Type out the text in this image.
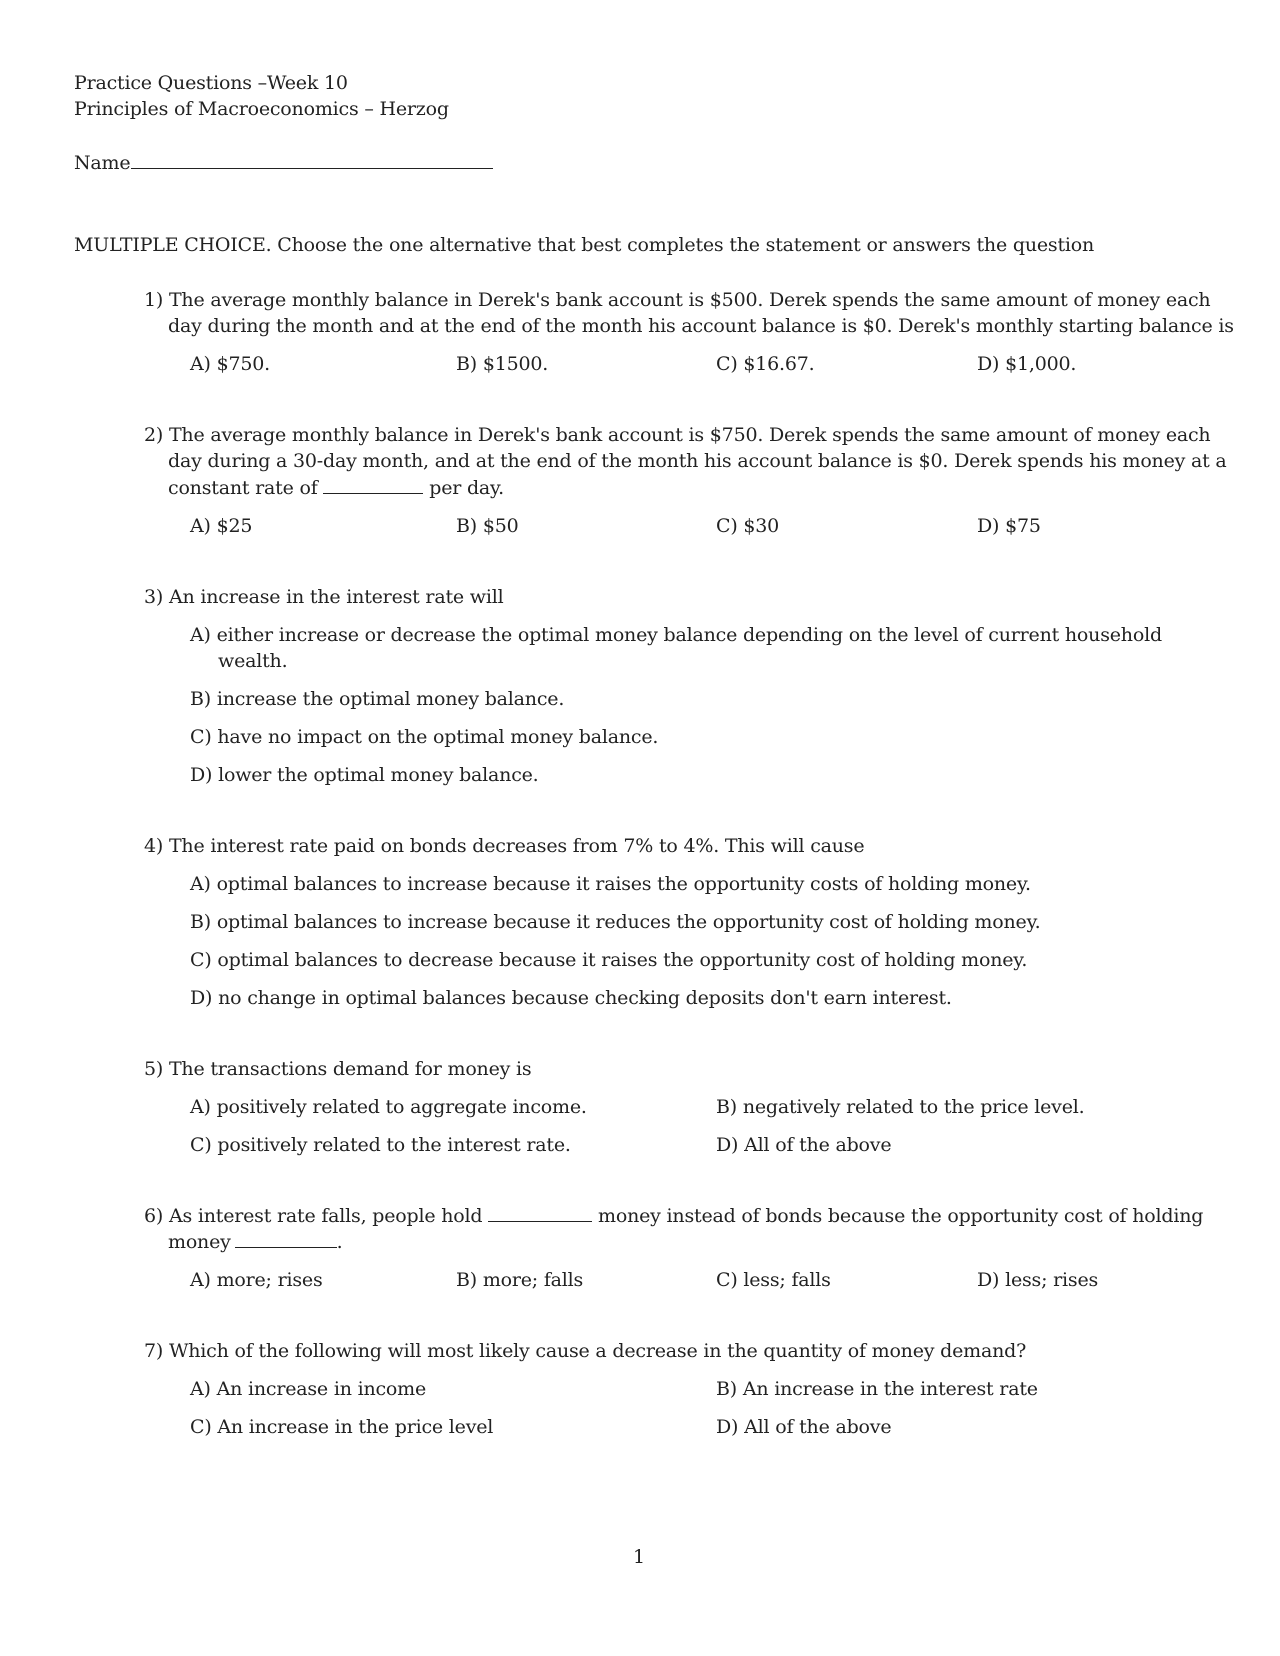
Practice Questions –Week 10
Principles of Macroeconomics – Herzog
Name
MULTIPLE CHOICE. Choose the one alternative that best completes the statement or answers the question
1) The average monthly balance in Derek's bank account is $500. Derek spends the same amount of money each
day during the month and at the end of the month his account balance is $0. Derek's monthly starting balance is
A) $750.	B) $1500.	C) $16.67.	D) $1,000.
2) The average monthly balance in Derek's bank account is $750. Derek spends the same amount of money each
day during a 30-day month, and at the end of the month his account balance is $0. Derek spends his money at a
constant rate of	per day.
A) $25	B) $50	C) $30	D) $75
3) An increase in the interest rate will
A) either increase or decrease the optimal money balance depending on the level of current household
wealth.
B) increase the optimal money balance.
C) have no impact on the optimal money balance.
D) lower the optimal money balance.
4) The interest rate paid on bonds decreases from 7% to 4%. This will cause
A) optimal balances to increase because it raises the opportunity costs of holding money.
B) optimal balances to increase because it reduces the opportunity cost of holding money.
C) optimal balances to decrease because it raises the opportunity cost of holding money.
D) no change in optimal balances because checking deposits don't earn interest.
5) The transactions demand for money is
A) positively related to aggregate income.	B) negatively related to the price level.
C) positively related to the interest rate.	D) All of the above
6) As interest rate falls, people hold	money instead of bonds because the opportunity cost of holding
money	.
A) more; rises	B) more; falls	C) less; falls	D) less; rises
7) Which of the following will most likely cause a decrease in the quantity of money demand?
A) An increase in income	B) An increase in the interest rate
C) An increase in the price level	D) All of the above
1
